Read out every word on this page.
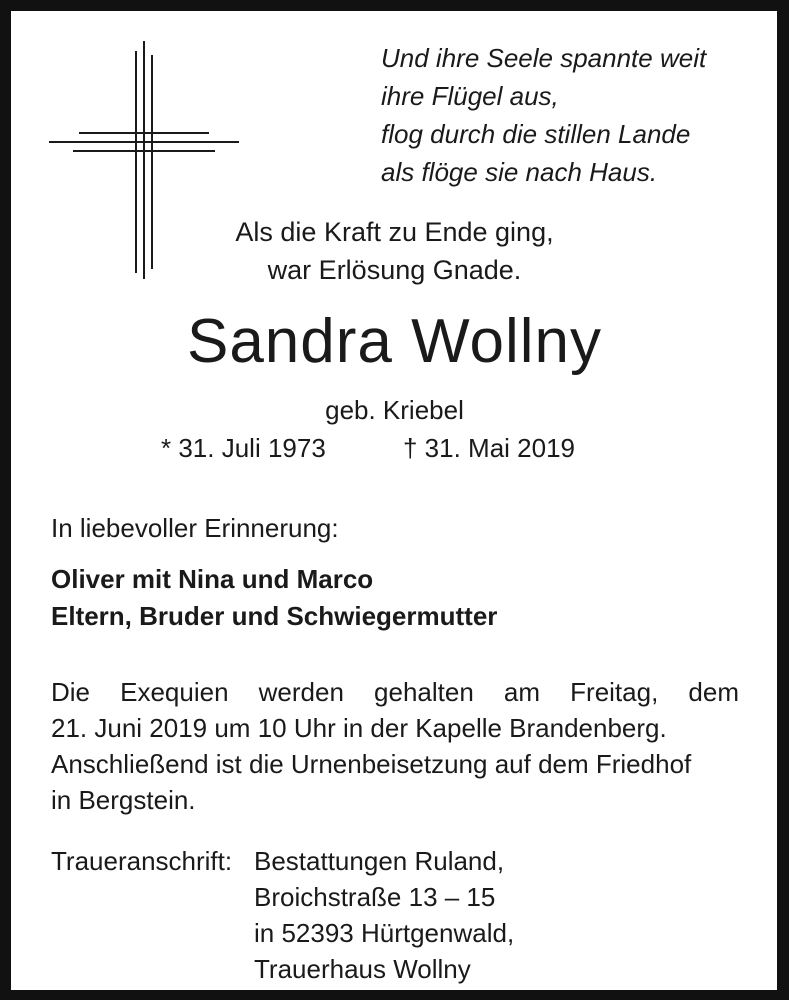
Und ihre Seele spannte weit
ihre Flügel aus,
flog durch die stillen Lande
als flöge sie nach Haus.
Als die Kraft zu Ende ging,
war Erlösung Gnade.
Sandra Wollny
geb. Kriebel
* 31. Juli 1973	† 31. Mai 2019
In liebevoller Erinnerung:
Oliver mit Nina und Marco
Eltern, Bruder und Schwiegermutter
Die Exequien werden gehalten am Freitag, dem
21. Juni 2019 um 10 Uhr in der Kapelle Brandenberg.
Anschließend ist die Urnenbeisetzung auf dem Friedhof
in Bergstein.
Traueranschrift: Bestattungen Ruland,
Broichstraße 13 – 15
in 52393 Hürtgenwald,
Trauerhaus Wollny
